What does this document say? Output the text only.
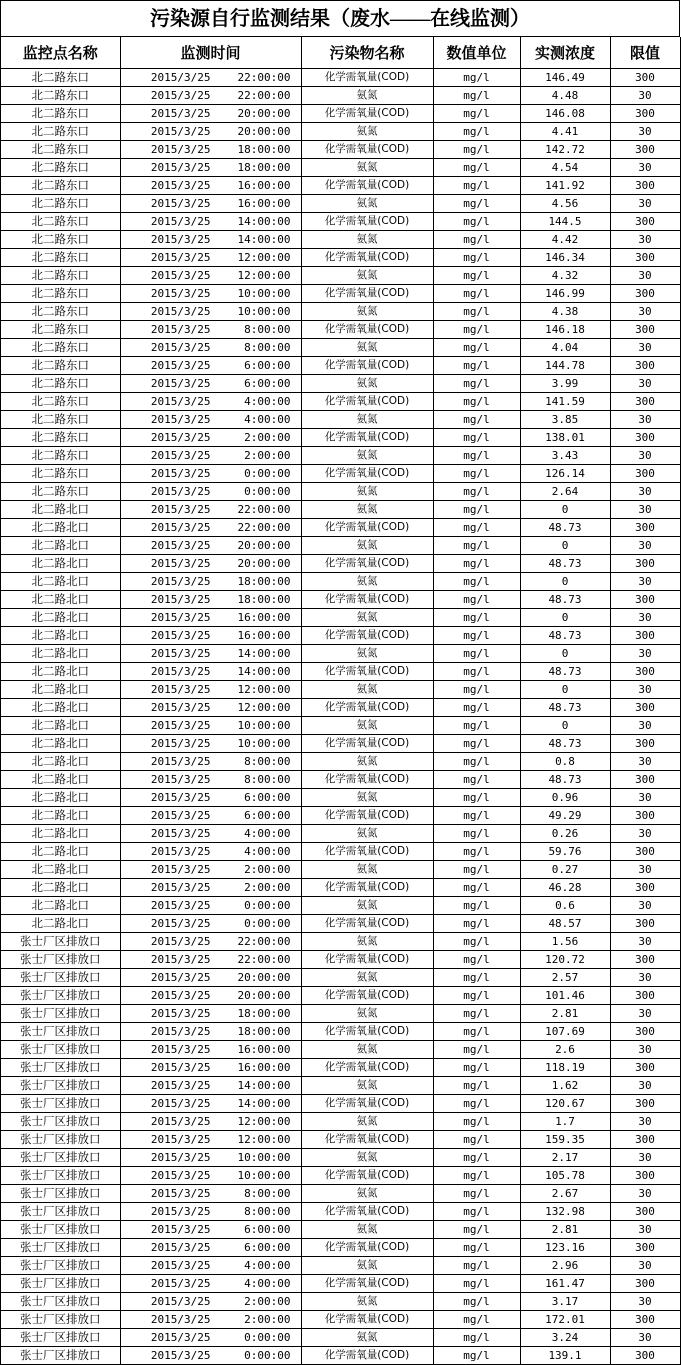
污染源自行监测结果（废水——在线监测）
监控点名称	监测时间	污染物名称	数值单位	实测浓度	限值
北二路东口	2015/3/25 22:00:00	化学需氧量(COD)	mg/l	146.49	300
北二路东口	2015/3/25 22:00:00	氨氮	mg/l	4.48	30
北二路东口	2015/3/25 20:00:00	化学需氧量(COD)	mg/l	146.08	300
北二路东口	2015/3/25 20:00:00	氨氮	mg/l	4.41	30
北二路东口	2015/3/25 18:00:00	化学需氧量(COD)	mg/l	142.72	300
北二路东口	2015/3/25 18:00:00	氨氮	mg/l	4.54	30
北二路东口	2015/3/25 16:00:00	化学需氧量(COD)	mg/l	141.92	300
北二路东口	2015/3/25 16:00:00	氨氮	mg/l	4.56	30
北二路东口	2015/3/25 14:00:00	化学需氧量(COD)	mg/l	144.5	300
北二路东口	2015/3/25 14:00:00	氨氮	mg/l	4.42	30
北二路东口	2015/3/25 12:00:00	化学需氧量(COD)	mg/l	146.34	300
北二路东口	2015/3/25 12:00:00	氨氮	mg/l	4.32	30
北二路东口	2015/3/25 10:00:00	化学需氧量(COD)	mg/l	146.99	300
北二路东口	2015/3/25 10:00:00	氨氮	mg/l	4.38	30
北二路东口	2015/3/25 8:00:00	化学需氧量(COD)	mg/l	146.18	300
北二路东口	2015/3/25 8:00:00	氨氮	mg/l	4.04	30
北二路东口	2015/3/25 6:00:00	化学需氧量(COD)	mg/l	144.78	300
北二路东口	2015/3/25 6:00:00	氨氮	mg/l	3.99	30
北二路东口	2015/3/25 4:00:00	化学需氧量(COD)	mg/l	141.59	300
北二路东口	2015/3/25 4:00:00	氨氮	mg/l	3.85	30
北二路东口	2015/3/25 2:00:00	化学需氧量(COD)	mg/l	138.01	300
北二路东口	2015/3/25 2:00:00	氨氮	mg/l	3.43	30
北二路东口	2015/3/25 0:00:00	化学需氧量(COD)	mg/l	126.14	300
北二路东口	2015/3/25 0:00:00	氨氮	mg/l	2.64	30
北二路北口	2015/3/25 22:00:00	氨氮	mg/l	0	30
北二路北口	2015/3/25 22:00:00	化学需氧量(COD)	mg/l	48.73	300
北二路北口	2015/3/25 20:00:00	氨氮	mg/l	0	30
北二路北口	2015/3/25 20:00:00	化学需氧量(COD)	mg/l	48.73	300
北二路北口	2015/3/25 18:00:00	氨氮	mg/l	0	30
北二路北口	2015/3/25 18:00:00	化学需氧量(COD)	mg/l	48.73	300
北二路北口	2015/3/25 16:00:00	氨氮	mg/l	0	30
北二路北口	2015/3/25 16:00:00	化学需氧量(COD)	mg/l	48.73	300
北二路北口	2015/3/25 14:00:00	氨氮	mg/l	0	30
北二路北口	2015/3/25 14:00:00	化学需氧量(COD)	mg/l	48.73	300
北二路北口	2015/3/25 12:00:00	氨氮	mg/l	0	30
北二路北口	2015/3/25 12:00:00	化学需氧量(COD)	mg/l	48.73	300
北二路北口	2015/3/25 10:00:00	氨氮	mg/l	0	30
北二路北口	2015/3/25 10:00:00	化学需氧量(COD)	mg/l	48.73	300
北二路北口	2015/3/25 8:00:00	氨氮	mg/l	0.8	30
北二路北口	2015/3/25 8:00:00	化学需氧量(COD)	mg/l	48.73	300
北二路北口	2015/3/25 6:00:00	氨氮	mg/l	0.96	30
北二路北口	2015/3/25 6:00:00	化学需氧量(COD)	mg/l	49.29	300
北二路北口	2015/3/25 4:00:00	氨氮	mg/l	0.26	30
北二路北口	2015/3/25 4:00:00	化学需氧量(COD)	mg/l	59.76	300
北二路北口	2015/3/25 2:00:00	氨氮	mg/l	0.27	30
北二路北口	2015/3/25 2:00:00	化学需氧量(COD)	mg/l	46.28	300
北二路北口	2015/3/25 0:00:00	氨氮	mg/l	0.6	30
北二路北口	2015/3/25 0:00:00	化学需氧量(COD)	mg/l	48.57	300
张士厂区排放口	2015/3/25 22:00:00	氨氮	mg/l	1.56	30
张士厂区排放口	2015/3/25 22:00:00	化学需氧量(COD)	mg/l	120.72	300
张士厂区排放口	2015/3/25 20:00:00	氨氮	mg/l	2.57	30
张士厂区排放口	2015/3/25 20:00:00	化学需氧量(COD)	mg/l	101.46	300
张士厂区排放口	2015/3/25 18:00:00	氨氮	mg/l	2.81	30
张士厂区排放口	2015/3/25 18:00:00	化学需氧量(COD)	mg/l	107.69	300
张士厂区排放口	2015/3/25 16:00:00	氨氮	mg/l	2.6	30
张士厂区排放口	2015/3/25 16:00:00	化学需氧量(COD)	mg/l	118.19	300
张士厂区排放口	2015/3/25 14:00:00	氨氮	mg/l	1.62	30
张士厂区排放口	2015/3/25 14:00:00	化学需氧量(COD)	mg/l	120.67	300
张士厂区排放口	2015/3/25 12:00:00	氨氮	mg/l	1.7	30
张士厂区排放口	2015/3/25 12:00:00	化学需氧量(COD)	mg/l	159.35	300
张士厂区排放口	2015/3/25 10:00:00	氨氮	mg/l	2.17	30
张士厂区排放口	2015/3/25 10:00:00	化学需氧量(COD)	mg/l	105.78	300
张士厂区排放口	2015/3/25 8:00:00	氨氮	mg/l	2.67	30
张士厂区排放口	2015/3/25 8:00:00	化学需氧量(COD)	mg/l	132.98	300
张士厂区排放口	2015/3/25 6:00:00	氨氮	mg/l	2.81	30
张士厂区排放口	2015/3/25 6:00:00	化学需氧量(COD)	mg/l	123.16	300
张士厂区排放口	2015/3/25 4:00:00	氨氮	mg/l	2.96	30
张士厂区排放口	2015/3/25 4:00:00	化学需氧量(COD)	mg/l	161.47	300
张士厂区排放口	2015/3/25 2:00:00	氨氮	mg/l	3.17	30
张士厂区排放口	2015/3/25 2:00:00	化学需氧量(COD)	mg/l	172.01	300
张士厂区排放口	2015/3/25 0:00:00	氨氮	mg/l	3.24	30
张士厂区排放口	2015/3/25 0:00:00	化学需氧量(COD)	mg/l	139.1	300
